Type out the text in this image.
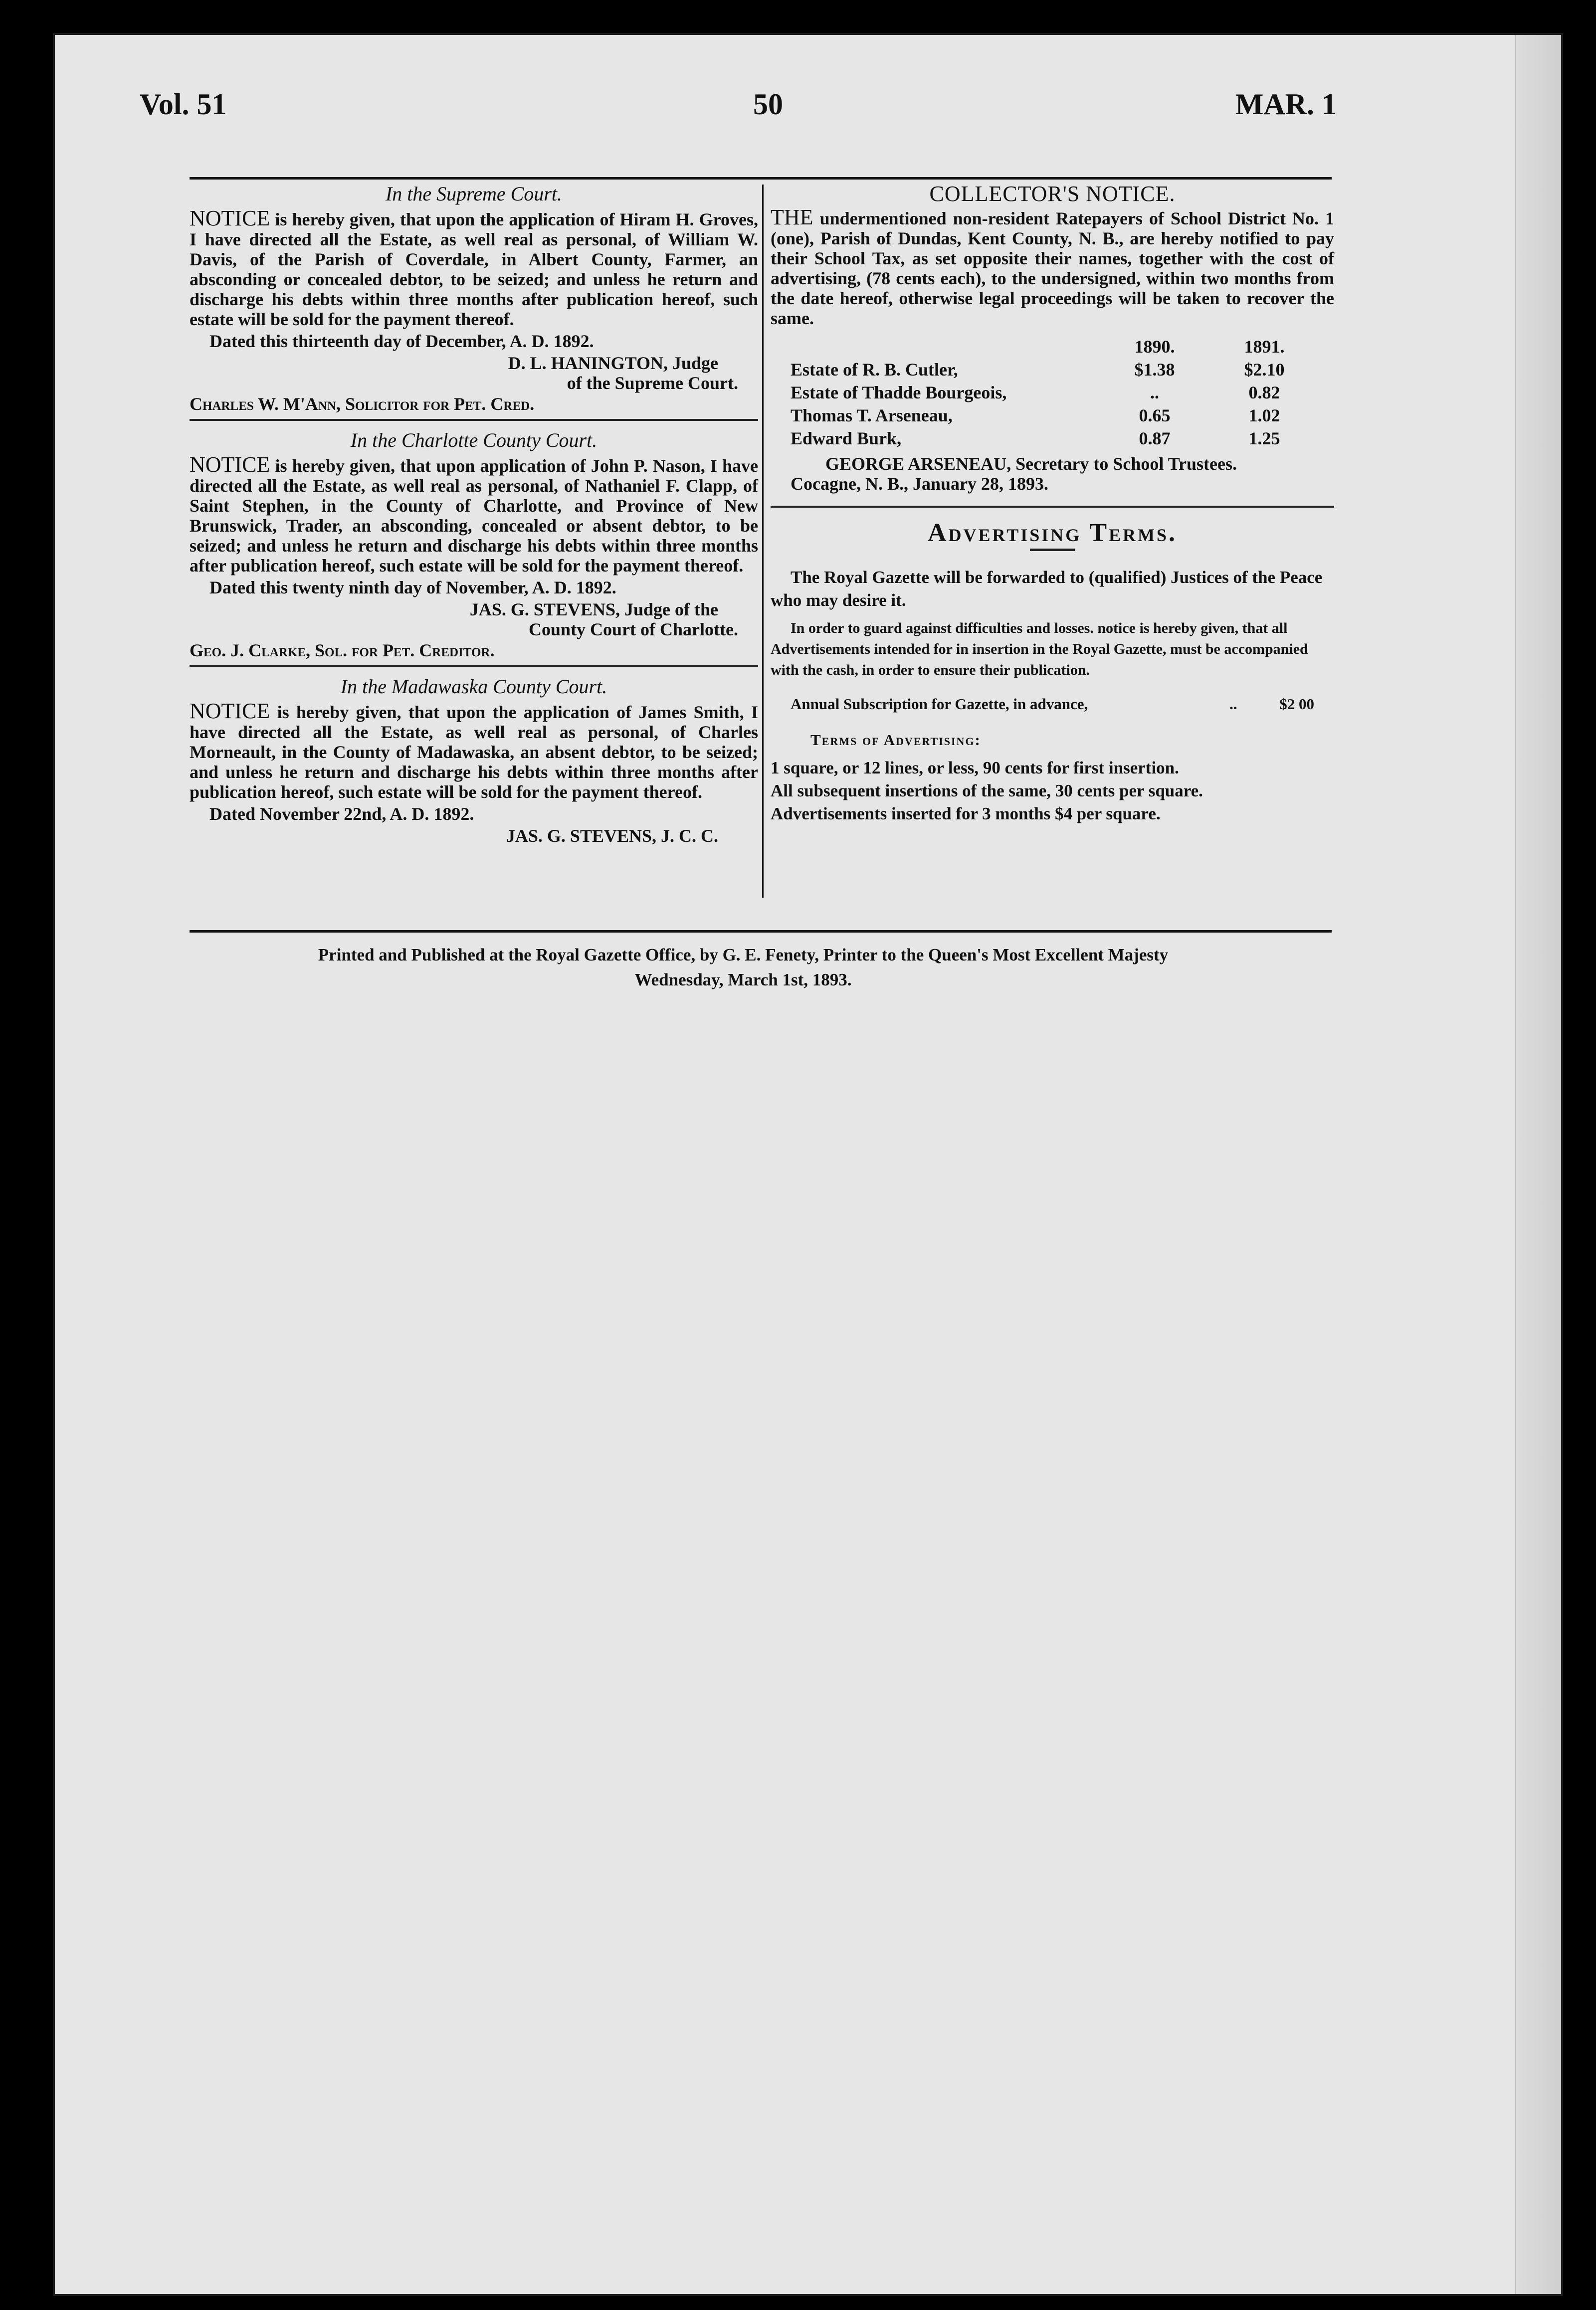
Vol. 51	50	MAR. 1

In the Supreme Court.

NOTICE is hereby given, that upon the application of Hiram H. Groves, I have directed all the Estate, as well real as personal, of William W. Davis, of the Parish of Coverdale, in Albert County, Farmer, an absconding or concealed debtor, to be seized; and unless he return and discharge his debts within three months after publication hereof, such estate will be sold for the payment thereof.

Dated this thirteenth day of December, A. D. 1892.

D. L. HANINGTON, Judge
of the Supreme Court.

Charles W. M'Ann, Solicitor for Pet. Cred.

In the Charlotte County Court.

NOTICE is hereby given, that upon application of John P. Nason, I have directed all the Estate, as well real as personal, of Nathaniel F. Clapp, of Saint Stephen, in the County of Charlotte, and Province of New Brunswick, Trader, an absconding, concealed or absent debtor, to be seized; and unless he return and discharge his debts within three months after publication hereof, such estate will be sold for the payment thereof.

Dated this twenty ninth day of November, A. D. 1892.

JAS. G. STEVENS, Judge of the
County Court of Charlotte.

Geo. J. Clarke, Sol. for Pet. Creditor.

In the Madawaska County Court.

NOTICE is hereby given, that upon the application of James Smith, I have directed all the Estate, as well real as personal, of Charles Morneault, in the County of Madawaska, an absent debtor, to be seized; and unless he return and discharge his debts within three months after publication hereof, such estate will be sold for the payment thereof.

Dated November 22nd, A. D. 1892.

JAS. G. STEVENS, J. C. C.

COLLECTOR'S NOTICE.

THE undermentioned non-resident Ratepayers of School District No. 1 (one), Parish of Dundas, Kent County, N. B., are hereby notified to pay their School Tax, as set opposite their names, together with the cost of advertising, (78 cents each), to the undersigned, within two months from the date hereof, otherwise legal proceedings will be taken to recover the same.

	1890.	1891.
Estate of R. B. Cutler,	$1.38	$2.10
Estate of Thadde Bourgeois,	..	0.82
Thomas T. Arseneau,	0.65	1.02
Edward Burk,	0.87	1.25

GEORGE ARSENEAU, Secretary to School Trustees.

Cocagne, N. B., January 28, 1893.

Advertising Terms.

The Royal Gazette will be forwarded to (qualified) Justices of the Peace who may desire it.

In order to guard against difficulties and losses. notice is hereby given, that all Advertisements intended for in insertion in the Royal Gazette, must be accompanied with the cash, in order to ensure their publication.

Annual Subscription for Gazette, in advance,	..	$2 00

Terms of Advertising:

1 square, or 12 lines, or less, 90 cents for first insertion.
All subsequent insertions of the same, 30 cents per square.
Advertisements inserted for 3 months $4 per square.
Printed and Published at the Royal Gazette Office, by G. E. Fenety, Printer to the Queen's Most Excellent Majesty
Wednesday, March 1st, 1893.
